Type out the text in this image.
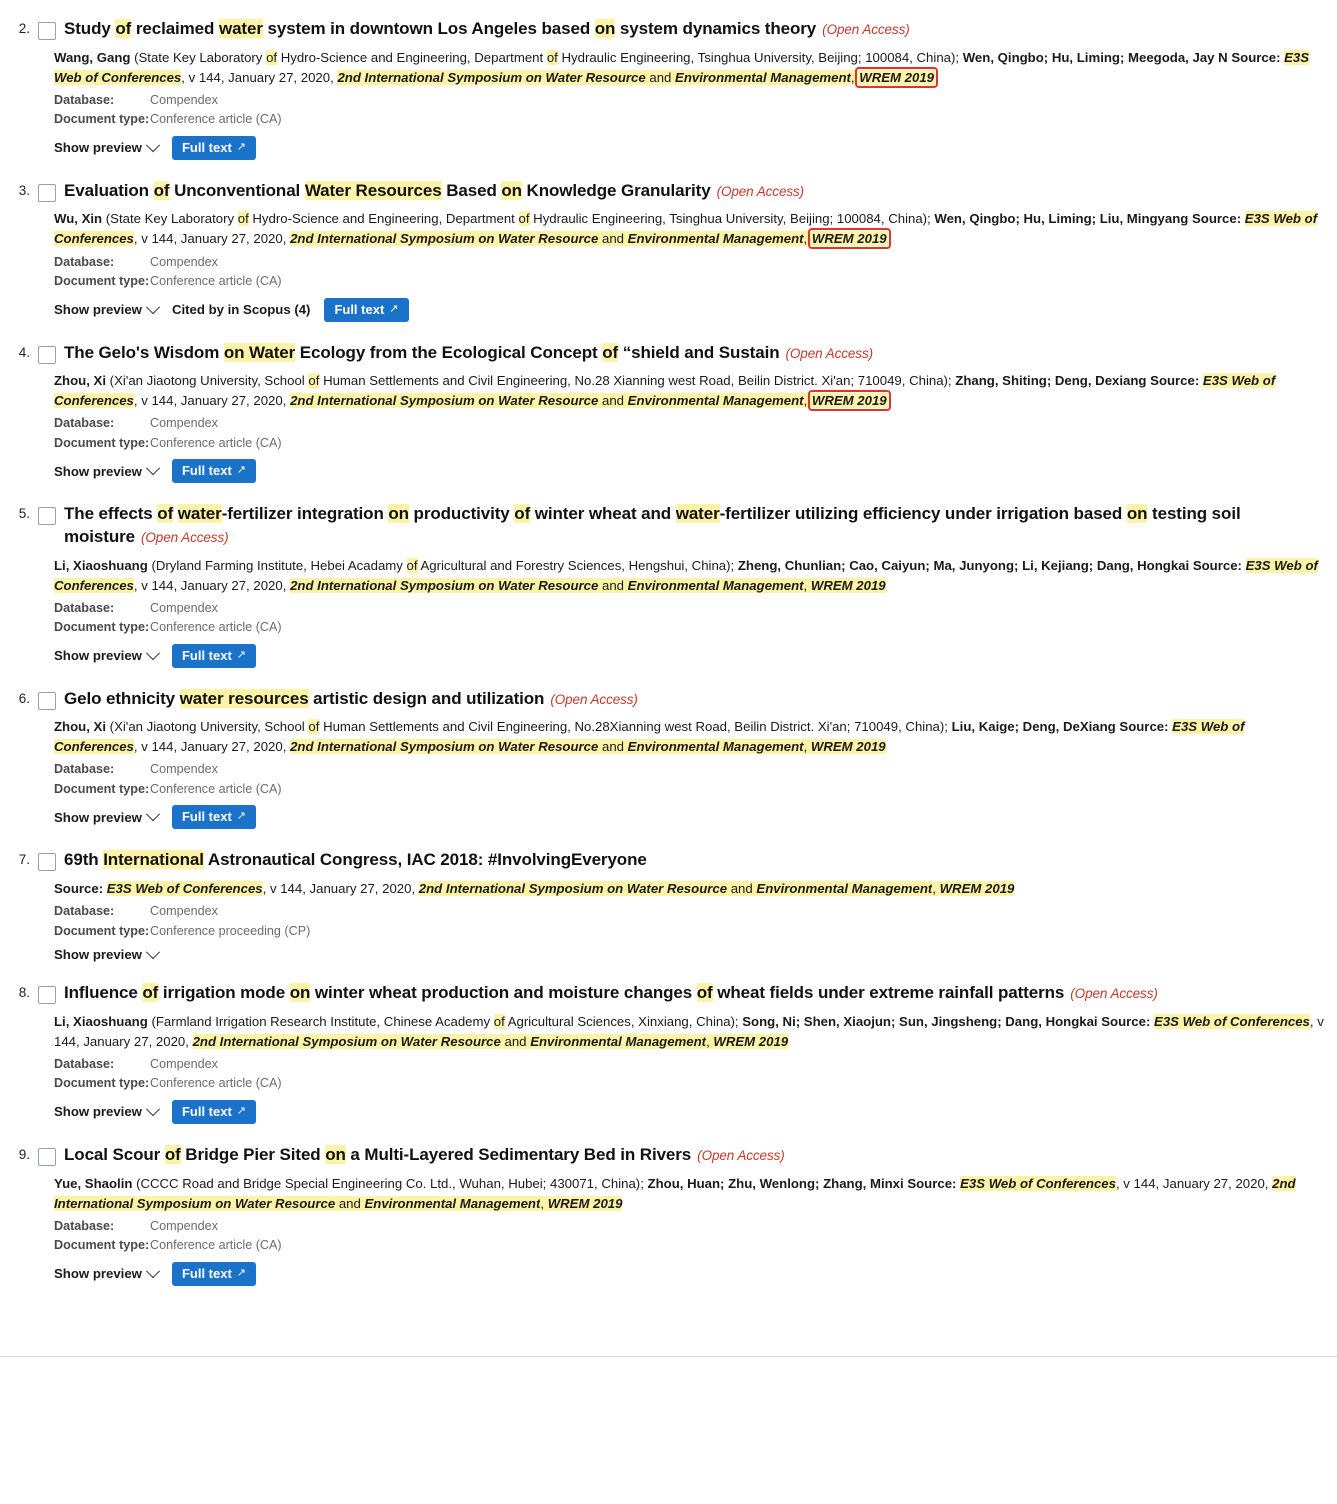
2. Study of reclaimed water system in downtown Los Angeles based on system dynamics theory (Open Access)
Wang, Gang (State Key Laboratory of Hydro-Science and Engineering, Department of Hydraulic Engineering, Tsinghua University, Beijing; 100084, China); Wen, Qingbo; Hu, Liming; Meegoda, Jay N Source: E3S Web of Conferences, v 144, January 27, 2020, 2nd International Symposium on Water Resource and Environmental Management, WREM 2019
Database:	Compendex
Document type:Conference article (CA)
Show preview	Full text ↗
3. Evaluation of Unconventional Water Resources Based on Knowledge Granularity (Open Access)
Wu, Xin (State Key Laboratory of Hydro-Science and Engineering, Department of Hydraulic Engineering, Tsinghua University, Beijing; 100084, China); Wen, Qingbo; Hu, Liming; Liu, Mingyang Source: E3S Web of Conferences, v 144, January 27, 2020, 2nd International Symposium on Water Resource and Environmental Management, WREM 2019
Database:	Compendex
Document type:Conference article (CA)
Show preview Cited by in Scopus (4) Full text ↗
4. The Gelo's Wisdom on Water Ecology from the Ecological Concept of “shield and Sustain (Open Access)
Zhou, Xi (Xi'an Jiaotong University, School of Human Settlements and Civil Engineering, No.28 Xianning west Road, Beilin District. Xi'an; 710049, China); Zhang, Shiting; Deng, Dexiang Source: E3S Web of Conferences, v 144, January 27, 2020, 2nd International Symposium on Water Resource and Environmental Management, WREM 2019
Database:	Compendex
Document type:Conference article (CA)
Show preview	Full text ↗
5. The effects of water-fertilizer integration on productivity of winter wheat and water-fertilizer utilizing efficiency under irrigation based on testing soil moisture (Open Access)
Li, Xiaoshuang (Dryland Farming Institute, Hebei Acadamy of Agricultural and Forestry Sciences, Hengshui, China); Zheng, Chunlian; Cao, Caiyun; Ma, Junyong; Li, Kejiang; Dang, Hongkai Source: E3S Web of Conferences, v 144, January 27, 2020, 2nd International Symposium on Water Resource and Environmental Management, WREM 2019
Database:	Compendex
Document type:Conference article (CA)
Show preview	Full text ↗
6. Gelo ethnicity water resources artistic design and utilization (Open Access)
Zhou, Xi (Xi'an Jiaotong University, School of Human Settlements and Civil Engineering, No.28Xianning west Road, Beilin District. Xi'an; 710049, China); Liu, Kaige; Deng, DeXiang Source: E3S Web of Conferences, v 144, January 27, 2020, 2nd International Symposium on Water Resource and Environmental Management, WREM 2019
Database:	Compendex
Document type:Conference article (CA)
Show preview	Full text ↗
7. 69th International Astronautical Congress, IAC 2018: #InvolvingEveryone
Source: E3S Web of Conferences, v 144, January 27, 2020, 2nd International Symposium on Water Resource and Environmental Management, WREM 2019
Database:	Compendex
Document type:Conference proceeding (CP)
Show preview
8. Influence of irrigation mode on winter wheat production and moisture changes of wheat fields under extreme rainfall patterns (Open Access)
Li, Xiaoshuang (Farmland Irrigation Research Institute, Chinese Academy of Agricultural Sciences, Xinxiang, China); Song, Ni; Shen, Xiaojun; Sun, Jingsheng; Dang, Hongkai Source: E3S Web of Conferences, v 144, January 27, 2020, 2nd International Symposium on Water Resource and Environmental Management, WREM 2019
Database:	Compendex
Document type:Conference article (CA)
Show preview	Full text ↗
9. Local Scour of Bridge Pier Sited on a Multi-Layered Sedimentary Bed in Rivers (Open Access)
Yue, Shaolin (CCCC Road and Bridge Special Engineering Co. Ltd., Wuhan, Hubei; 430071, China); Zhou, Huan; Zhu, Wenlong; Zhang, Minxi Source: E3S Web of Conferences, v 144, January 27, 2020, 2nd International Symposium on Water Resource and Environmental Management, WREM 2019
Database:	Compendex
Document type:Conference article (CA)
Show preview	Full text ↗
